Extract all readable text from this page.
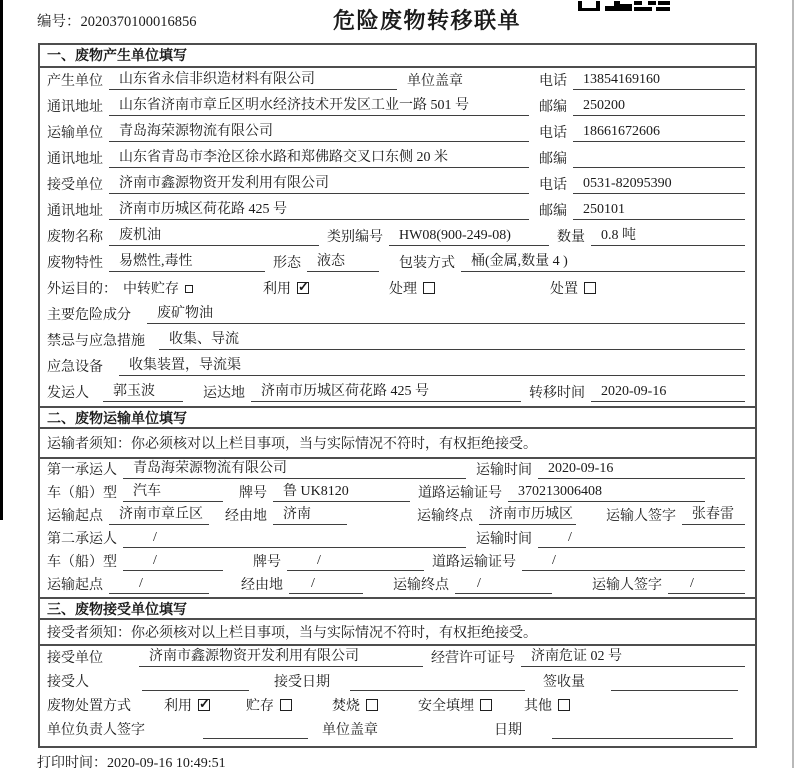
编号：2020370100016856	危险废物转移联单
一、废物产生单位填写
产生单位	山东省永信非织造材料有限公司	单位盖章	电话	13854169160
通讯地址	山东省济南市章丘区明水经济技术开发区工业一路 501 号	邮编	250200
运输单位	青岛海荣源物流有限公司	电话	18661672606
通讯地址	山东省青岛市李沧区徐水路和郑佛路交叉口东侧 20 米	邮编
接受单位	济南市鑫源物资开发利用有限公司	电话	0531-82095390
通讯地址	济南市历城区荷花路 425 号	邮编	250101
废物名称	废机油	类别编号	HW08(900-249-08)	数量	0.8 吨
废物特性	易燃性,毒性	形态	液态	包装方式	桶(金属,数量 4 )
外运目的： 中转贮存	利用 ✓	处理	处置
主要危险成分	废矿物油
禁忌与应急措施	收集、导流
应急设备	收集装置，导流渠
发运人	郭玉波	运达地	济南市历城区荷花路 425 号	转移时间	2020-09-16
二、废物运输单位填写
运输者须知：你必须核对以上栏目事项，当与实际情况不符时，有权拒绝接受。
第一承运人	青岛海荣源物流有限公司	运输时间	2020-09-16
车（船）型	汽车	牌号	鲁 UK8120	道路运输证号	370213006408
运输起点	济南市章丘区	经由地	济南	运输终点	济南市历城区 运输人签字	张春雷
第二承运人	/	运输时间	/
车（船）型	/	牌号	/	道路运输证号	/
运输起点	/	经由地	/	运输终点	/	运输人签字	/
三、废物接受单位填写
接受者须知：你必须核对以上栏目事项，当与实际情况不符时，有权拒绝接受。
接受单位	济南市鑫源物资开发利用有限公司	经营许可证号	济南危证 02 号
接受人	接受日期	签收量
废物处置方式 利用 ✓	贮存	焚烧	安全填埋	其他
单位负责人签字	单位盖章	日期
打印时间：2020-09-16 10:49:51
